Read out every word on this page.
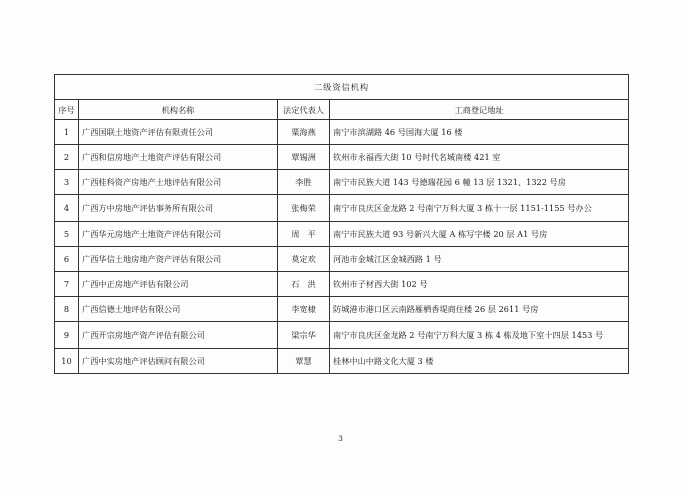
二级资信机构			
序号	机构名称	法定代表人	工商登记地址
1	广西国联土地资产评估有限责任公司	粟海燕	南宁市滨湖路 46 号国海大厦 16 楼
2	广西和信房地产土地资产评估有限公司	覃锡洲	钦州市永福西大街 10 号时代名城南楼 421 室
3	广西桂科资产房地产土地评估有限公司	李胜	南宁市民族大道 143 号德瑞花园 6 幢 13 层 1321、1322 号房
4	广西方中房地产评估事务所有限公司	张梅荣	南宁市良庆区金龙路 2 号南宁万科大厦 3 栋十一层 1151-1155 号办公
5	广西华元房地产土地资产评估有限公司	周　平	南宁市民族大道 93 号新兴大厦 A 栋写字楼 20 层 A1 号房
6	广西华信土地房地产资产评估有限公司	莫定欢	河池市金城江区金城西路 1 号
7	广西中正房地产评估有限公司	石　洪	钦州市子材西大街 102 号
8	广西信德土地评估有限公司	李宽棣	防城港市港口区云南路雁栖香堤商住楼 26 层 2611 号房
9	广西开宗房地产资产评估有限公司	梁宗华	南宁市良庆区金龙路 2 号南宁万科大厦 3 栋 4 栋及地下室十四层 1453 号
10	广西中实房地产评估顾问有限公司	覃慧	桂林中山中路文化大厦 3 楼
3
